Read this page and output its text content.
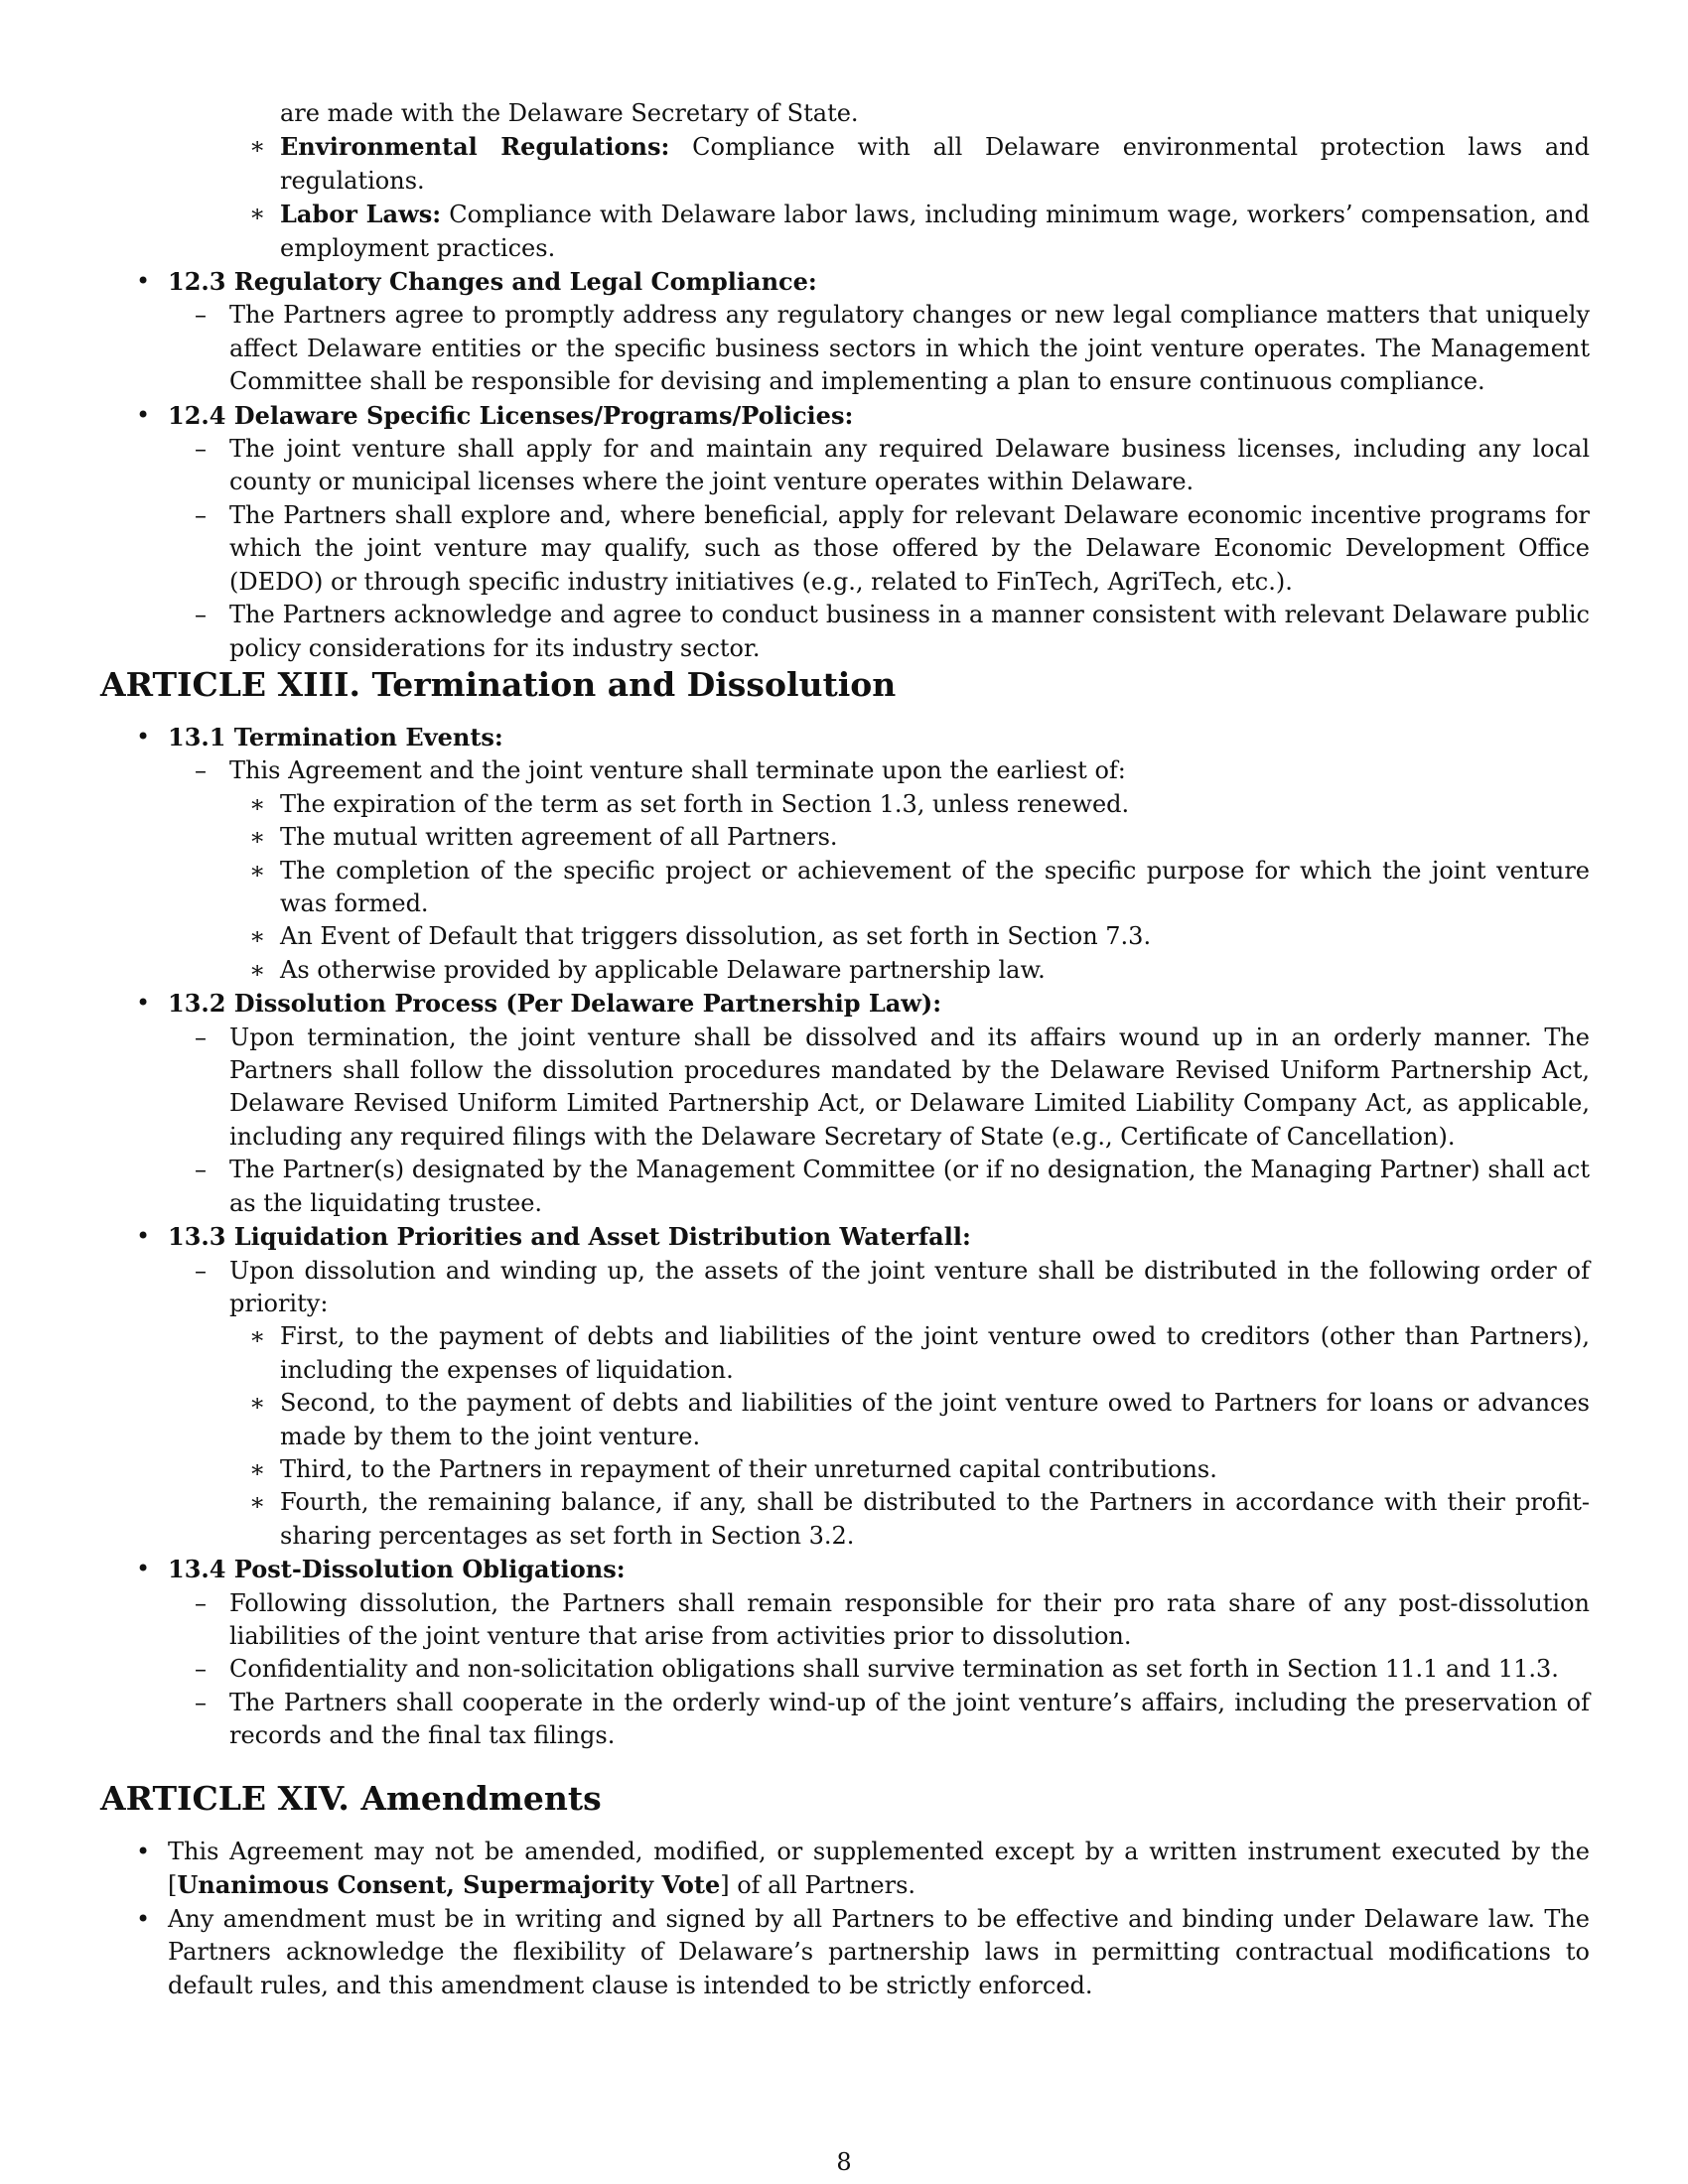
are made with the Delaware Secretary of State.
∗ Environmental Regulations: Compliance with all Delaware environmental protection laws and regulations.
∗ Labor Laws: Compliance with Delaware labor laws, including minimum wage, workers’ compensation, and employment practices.
• 12.3 Regulatory Changes and Legal Compliance:
– The Partners agree to promptly address any regulatory changes or new legal compliance matters that uniquely affect Delaware entities or the specific business sectors in which the joint venture operates. The Management Committee shall be responsible for devising and implementing a plan to ensure continuous compliance.
• 12.4 Delaware Specific Licenses/Programs/Policies:
– The joint venture shall apply for and maintain any required Delaware business licenses, including any local county or municipal licenses where the joint venture operates within Delaware.
– The Partners shall explore and, where beneficial, apply for relevant Delaware economic incentive programs for which the joint venture may qualify, such as those offered by the Delaware Economic Development Office (DEDO) or through specific industry initiatives (e.g., related to FinTech, AgriTech, etc.).
– The Partners acknowledge and agree to conduct business in a manner consistent with relevant Delaware public policy considerations for its industry sector.
ARTICLE XIII. Termination and Dissolution
• 13.1 Termination Events:
– This Agreement and the joint venture shall terminate upon the earliest of:
∗ The expiration of the term as set forth in Section 1.3, unless renewed.
∗ The mutual written agreement of all Partners.
∗ The completion of the specific project or achievement of the specific purpose for which the joint venture was formed.
∗ An Event of Default that triggers dissolution, as set forth in Section 7.3.
∗ As otherwise provided by applicable Delaware partnership law.
• 13.2 Dissolution Process (Per Delaware Partnership Law):
– Upon termination, the joint venture shall be dissolved and its affairs wound up in an orderly manner. The Partners shall follow the dissolution procedures mandated by the Delaware Revised Uniform Partnership Act, Delaware Revised Uniform Limited Partnership Act, or Delaware Limited Liability Company Act, as applicable, including any required filings with the Delaware Secretary of State (e.g., Certificate of Cancellation).
– The Partner(s) designated by the Management Committee (or if no designation, the Managing Partner) shall act as the liquidating trustee.
• 13.3 Liquidation Priorities and Asset Distribution Waterfall:
– Upon dissolution and winding up, the assets of the joint venture shall be distributed in the following order of priority:
∗ First, to the payment of debts and liabilities of the joint venture owed to creditors (other than Partners), including the expenses of liquidation.
∗ Second, to the payment of debts and liabilities of the joint venture owed to Partners for loans or advances made by them to the joint venture.
∗ Third, to the Partners in repayment of their unreturned capital contributions.
∗ Fourth, the remaining balance, if any, shall be distributed to the Partners in accordance with their profit-sharing percentages as set forth in Section 3.2.
• 13.4 Post-Dissolution Obligations:
– Following dissolution, the Partners shall remain responsible for their pro rata share of any post-dissolution liabilities of the joint venture that arise from activities prior to dissolution.
– Confidentiality and non-solicitation obligations shall survive termination as set forth in Section 11.1 and 11.3.
– The Partners shall cooperate in the orderly wind-up of the joint venture’s affairs, including the preservation of records and the final tax filings.
ARTICLE XIV. Amendments
• This Agreement may not be amended, modified, or supplemented except by a written instrument executed by the [Unanimous Consent, Supermajority Vote] of all Partners.
• Any amendment must be in writing and signed by all Partners to be effective and binding under Delaware law. The Partners acknowledge the flexibility of Delaware’s partnership laws in permitting contractual modifications to default rules, and this amendment clause is intended to be strictly enforced.
8
